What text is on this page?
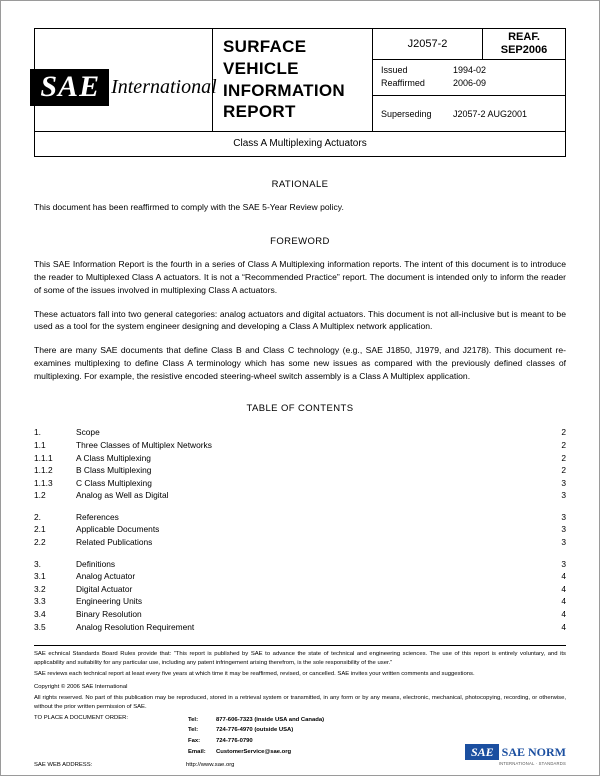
SAE International
SURFACE
VEHICLE
INFORMATION
REPORT
J2057-2
REAF.
SEP2006
Issued	1994-02
Reaffirmed	2006-09
Superseding	J2057-2 AUG2001
Class A Multiplexing Actuators
RATIONALE
This document has been reaffirmed to comply with the SAE 5-Year Review policy.
FOREWORD
This SAE Information Report is the fourth in a series of Class A Multiplexing information reports. The intent of this document is to introduce the reader to Multiplexed Class A actuators. It is not a “Recommended Practice” report. The document is intended only to inform the reader of some of the issues involved in multiplexing Class A actuators.
These actuators fall into two general categories: analog actuators and digital actuators. This document is not all-inclusive but is meant to be used as a tool for the system engineer designing and developing a Class A Multiplex network application.
There are many SAE documents that define Class B and Class C technology (e.g., SAE J1850, J1979, and J2178). This document re-examines multiplexing to define Class A terminology which has some new issues as compared with the previously defined classes of multiplexing. For example, the resistive encoded steering-wheel switch assembly is a Class A Multiplex application.
TABLE OF CONTENTS
1.	Scope	2
1.1	Three Classes of Multiplex Networks	2
1.1.1	A Class Multiplexing	2
1.1.2	B Class Multiplexing	2
1.1.3	C Class Multiplexing	3
1.2	Analog as Well as Digital	3

2.	References	3
2.1	Applicable Documents	3
2.2	Related Publications	3

3.	Definitions	3
3.1	Analog Actuator	4
3.2	Digital Actuator	4
3.3	Engineering Units	4
3.4	Binary Resolution	4
3.5	Analog Resolution Requirement	4
SAE echnical Standards Board Rules provide that: “This report is published by SAE to advance the state of technical and engineering sciences. The use of this report is entirely voluntary, and its applicability and suitability for any particular use, including any patent infringement arising therefrom, is the sole responsibility of the user.”
SAE reviews each technical report at least every five years at which time it may be reaffirmed, revised, or cancelled. SAE invites your written comments and suggestions.
Copyright © 2006 SAE International
All rights reserved. No part of this publication may be reproduced, stored in a retrieval system or transmitted, in any form or by any means, electronic, mechanical, photocopying, recording, or otherwise, without the prior written permission of SAE.
TO PLACE A DOCUMENT ORDER:	Tel:	877-606-7323 (inside USA and Canada)
Tel:	724-776-4970 (outside USA)
Fax:	724-776-0790
Email:	CustomerService@sae.org
SAE WEB ADDRESS:	http://www.sae.org
SAE SAE NORM
INTERNATIONAL · STANDARDS
